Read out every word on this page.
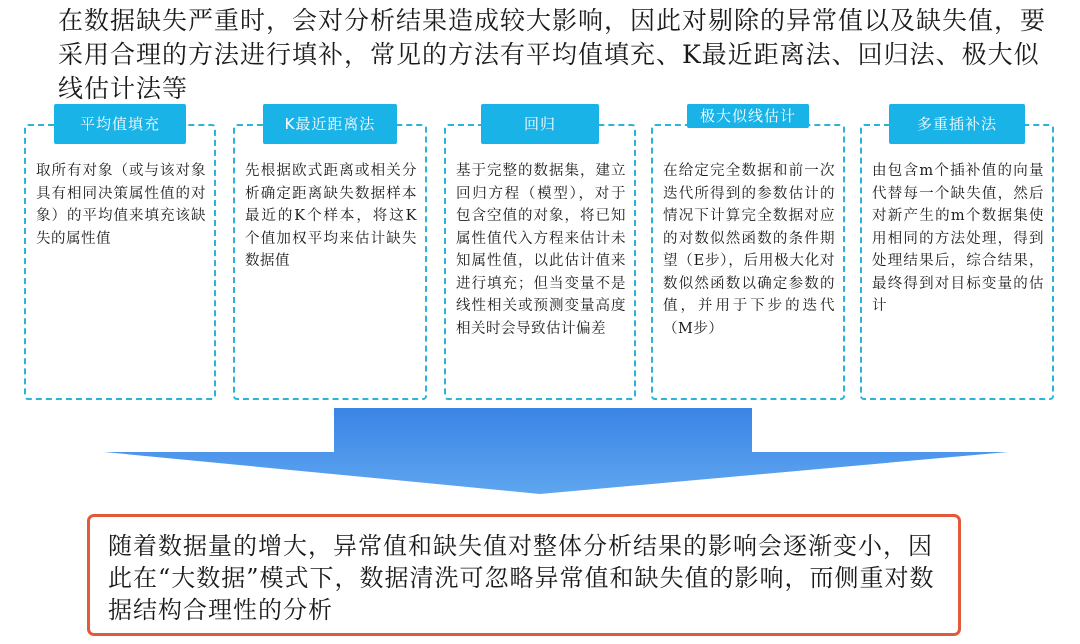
在数据缺失严重时，会对分析结果造成较大影响，因此对剔除的异常值以及缺失值，要采用合理的方法进行填补，常见的方法有平均值填充、K最近距离法、回归法、极大似线估计法等
平均值填充
取所有对象（或与该对象具有相同决策属性值的对象）的平均值来填充该缺失的属性值
K最近距离法
先根据欧式距离或相关分析确定距离缺失数据样本最近的K个样本，将这K个值加权平均来估计缺失数据值
回归
基于完整的数据集，建立回归方程（模型），对于包含空值的对象，将已知属性值代入方程来估计未知属性值，以此估计值来进行填充；但当变量不是线性相关或预测变量高度相关时会导致估计偏差
极大似线估计
在给定完全数据和前一次迭代所得到的参数估计的情况下计算完全数据对应的对数似然函数的条件期望（E步），后用极大化对数似然函数以确定参数的值，并用于下步的迭代（M步）
多重插补法
由包含m个插补值的向量代替每一个缺失值，然后对新产生的m个数据集使用相同的方法处理，得到处理结果后，综合结果，最终得到对目标变量的估计
随着数据量的增大，异常值和缺失值对整体分析结果的影响会逐渐变小，因此在“大数据”模式下，数据清洗可忽略异常值和缺失值的影响，而侧重对数据结构合理性的分析
